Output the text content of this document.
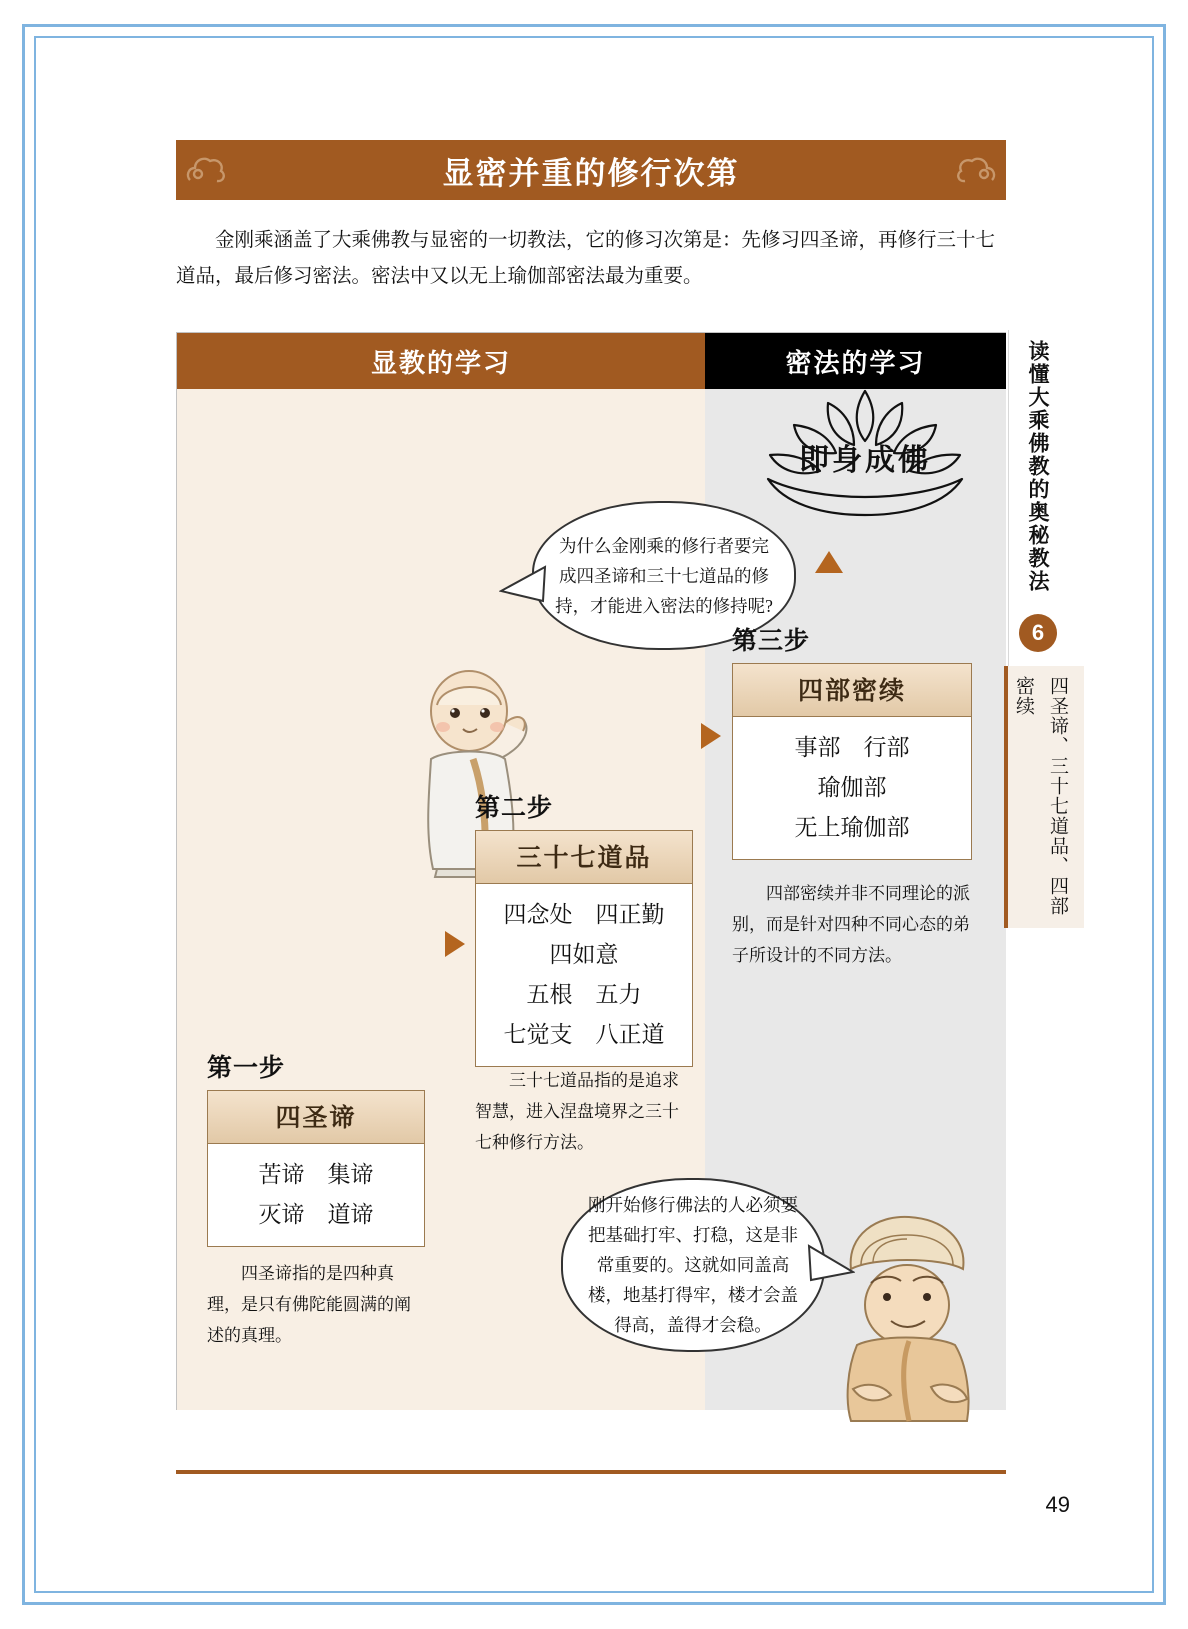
显密并重的修行次第
金刚乘涵盖了大乘佛教与显密的一切教法，它的修习次第是：先修习四圣谛，再修行三十七道品，最后修习密法。密法中又以无上瑜伽部密法最为重要。
显教的学习	密法的学习
即身成佛
为什么金刚乘的修行者要完成四圣谛和三十七道品的修持，才能进入密法的修持呢?
第三步
四部密续
事部　行部
瑜伽部
无上瑜伽部
四部密续并非不同理论的派别，而是针对四种不同心态的弟子所设计的不同方法。
第二步
三十七道品
四念处　四正勤
四如意
五根　五力
七觉支　八正道
三十七道品指的是追求智慧，进入涅盘境界之三十七种修行方法。
第一步
四圣谛
苦谛　集谛
灭谛　道谛
四圣谛指的是四种真理，是只有佛陀能圆满的阐述的真理。
刚开始修行佛法的人必须要把基础打牢、打稳，这是非常重要的。这就如同盖高楼，地基打得牢，楼才会盖得高，盖得才会稳。
读懂大乘佛教的奥秘教法
6
四圣谛、三十七道品、四部密续
49
